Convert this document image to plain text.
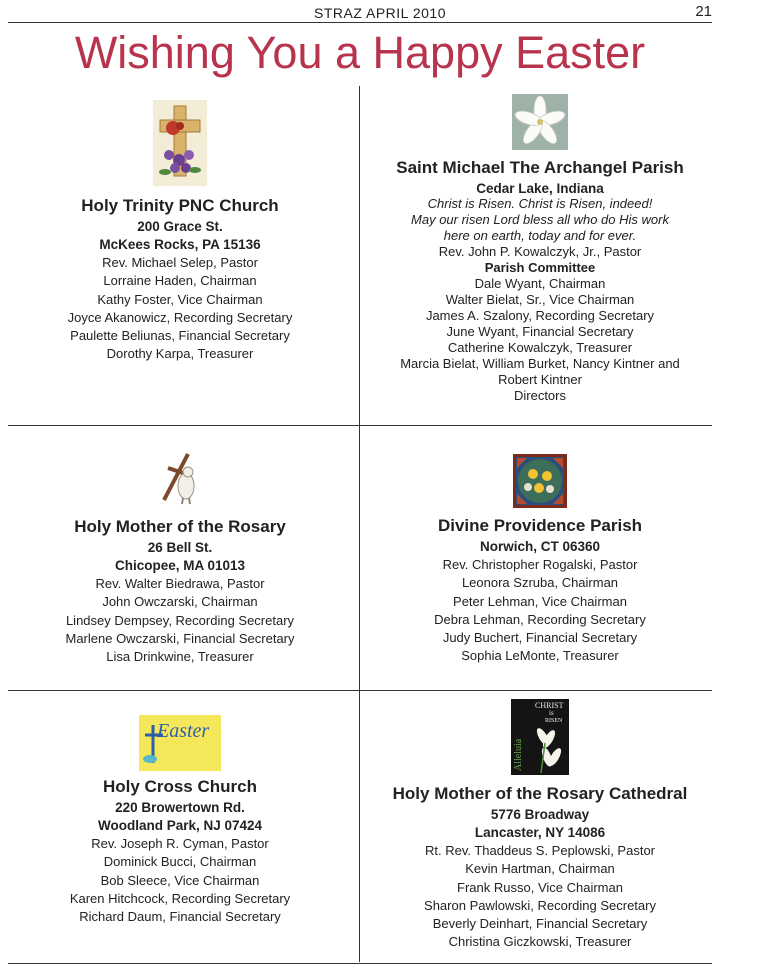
STRAZ APRIL 2010	21
Wishing You a Happy Easter
Holy Trinity PNC Church
200 Grace St.
McKees Rocks, PA 15136
Rev. Michael Selep, Pastor
Lorraine Haden, Chairman
Kathy Foster, Vice Chairman
Joyce Akanowicz, Recording Secretary
Paulette Beliunas, Financial Secretary
Dorothy Karpa, Treasurer
Saint Michael The Archangel Parish
Cedar Lake, Indiana
Christ is Risen. Christ is Risen, indeed!
May our risen Lord bless all who do His work
here on earth, today and for ever.
Rev. John P. Kowalczyk, Jr., Pastor
Parish Committee
Dale Wyant, Chairman
Walter Bielat, Sr., Vice Chairman
James A. Szalony, Recording Secretary
June Wyant, Financial Secretary
Catherine Kowalczyk, Treasurer
Marcia Bielat, William Burket, Nancy Kintner and
Robert Kintner
Directors
Holy Mother of the Rosary
26 Bell St.
Chicopee, MA 01013
Rev. Walter Biedrawa, Pastor
John Owczarski, Chairman
Lindsey Dempsey, Recording Secretary
Marlene Owczarski, Financial Secretary
Lisa Drinkwine, Treasurer
Divine Providence Parish
Norwich, CT 06360
Rev. Christopher Rogalski, Pastor
Leonora Szruba, Chairman
Peter Lehman, Vice Chairman
Debra Lehman, Recording Secretary
Judy Buchert, Financial Secretary
Sophia LeMonte, Treasurer
Easter
Holy Cross Church
220 Browertown Rd.
Woodland Park, NJ 07424
Rev. Joseph R. Cyman, Pastor
Dominick Bucci, Chairman
Bob Sleece, Vice Chairman
Karen Hitchcock, Recording Secretary
Richard Daum, Financial Secretary
CHRIST
is
RISEN
Alleluia
Holy Mother of the Rosary Cathedral
5776 Broadway
Lancaster, NY 14086
Rt. Rev. Thaddeus S. Peplowski, Pastor
Kevin Hartman, Chairman
Frank Russo, Vice Chairman
Sharon Pawlowski, Recording Secretary
Beverly Deinhart, Financial Secretary
Christina Giczkowski, Treasurer
